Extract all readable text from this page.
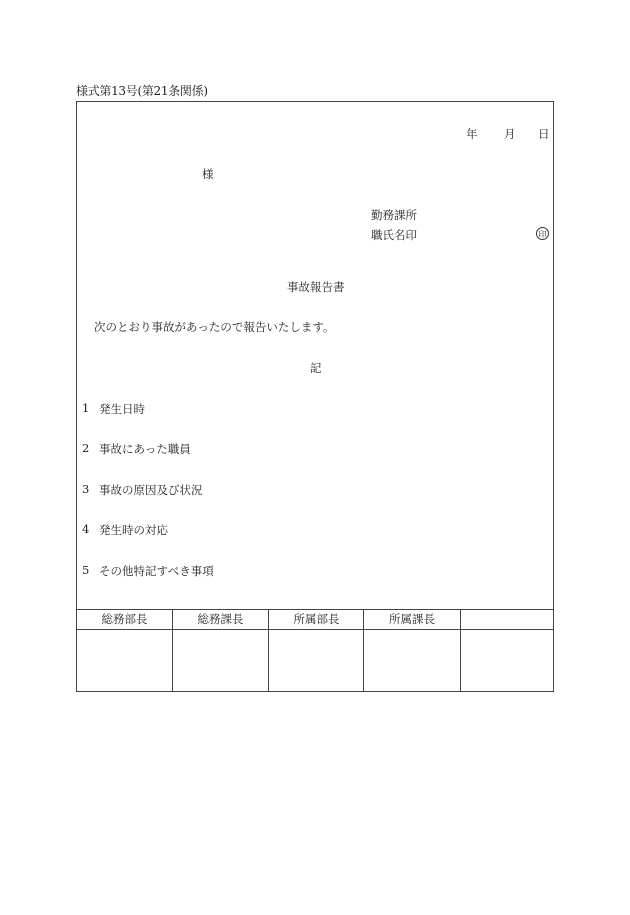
様式第13号(第21条関係)
年 月 日
様
勤務課所
職氏名印	印
事故報告書
次のとおり事故があったので報告いたします。
記
1 発生日時
2 事故にあった職員
3 事故の原因及び状況
4 発生時の対応
5 その他特記すべき事項
総務部長	総務課長	所属部長	所属課長
